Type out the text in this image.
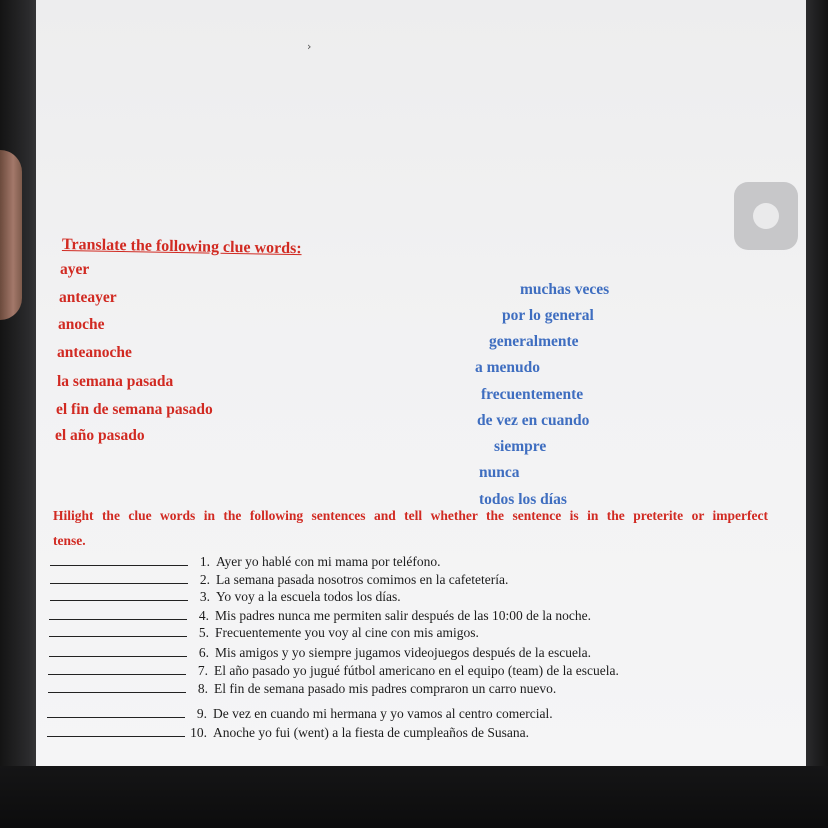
›
Translate the following clue words:
ayer
anteayer
anoche
anteanoche
la semana pasada
el fin de semana pasado
el año pasado
muchas veces
por lo general
generalmente
a menudo
frecuentemente
de vez en cuando
siempre
nunca
todos los días
Hilight the clue words in the following sentences and tell whether the sentence is in the preterite or imperfect tense.
1. Ayer yo hablé con mi mama por teléfono.
2. La semana pasada nosotros comimos en la cafetetería.
3. Yo voy a la escuela todos los días.
4. Mis padres nunca me permiten salir después de las 10:00 de la noche.
5. Frecuentemente you voy al cine con mis amigos.
6. Mis amigos y yo siempre jugamos videojuegos después de la escuela.
7. El año pasado yo jugué fútbol americano en el equipo (team) de la escuela.
8. El fin de semana pasado mis padres compraron un carro nuevo.
9. De vez en cuando mi hermana y yo vamos al centro comercial.
10. Anoche yo fui (went) a la fiesta de cumpleaños de Susana.
